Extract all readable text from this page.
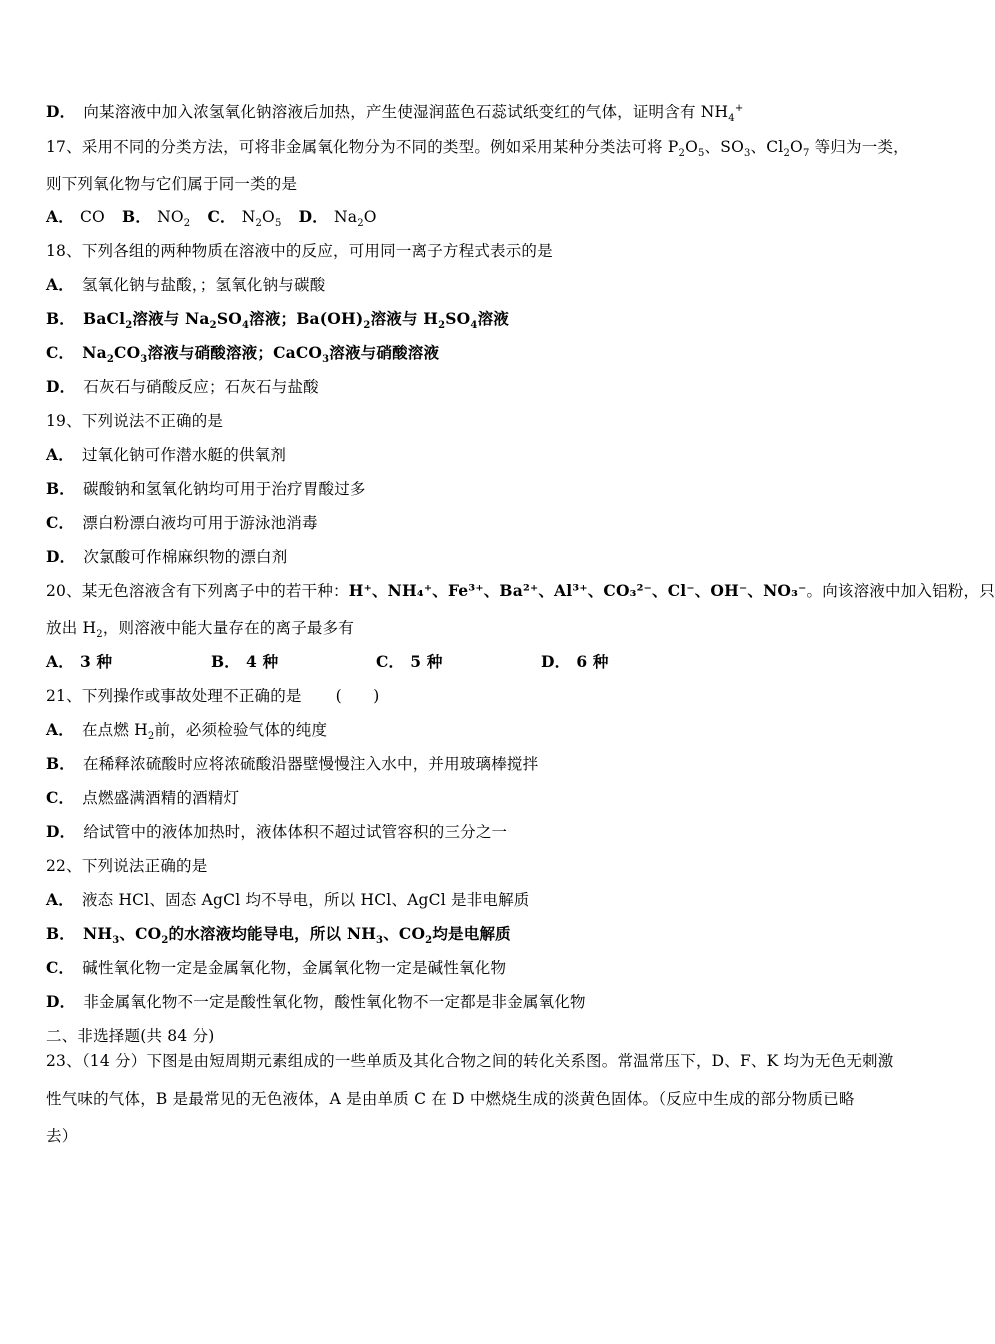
D． 向某溶液中加入浓氢氧化钠溶液后加热，产生使湿润蓝色石蕊试纸变红的气体，证明含有 $NH_4^+$
17、采用不同的分类方法，可将非金属氧化物分为不同的类型。例如采用某种分类法可将 $P_2O_5$、$SO_3$、$Cl_2O_7$ 等归为一类，
则下列氧化物与它们属于同一类的是
A． CO B． $NO_2$ C． $N_2O_5$ D． $Na_2O$
18、下列各组的两种物质在溶液中的反应，可用同一离子方程式表示的是
A． 氢氧化钠与盐酸，；氢氧化钠与碳酸
B． BaCl$_2$溶液与 $Na_2SO_4$溶液；$Ba(OH)_2$溶液与 $H_2SO_4$溶液
C． $Na_2CO_3$溶液与硝酸溶液；CaCO$_3$溶液与硝酸溶液
D． 石灰石与硝酸反应；石灰石与盐酸
19、下列说法不正确的是
A． 过氧化钠可作潜水艇的供氧剂
B． 碳酸钠和氢氧化钠均可用于治疗胃酸过多
C． 漂白粉漂白液均可用于游泳池消毒
D． 次氯酸可作棉麻织物的漂白剂
20、某无色溶液含有下列离子中的若干种：H⁺、NH₄⁺、Fe³⁺、Ba²⁺、Al³⁺、CO₃²⁻、Cl⁻、OH⁻、NO₃⁻。向该溶液中加入铝粉，只
放出 $H_2$，则溶液中能大量存在的离子最多有
A． 3 种	B． 4 种	C． 5 种	D． 6 种
21、下列操作或事故处理不正确的是 (　　)
A． 在点燃 $H_2$前，必须检验气体的纯度
B． 在稀释浓硫酸时应将浓硫酸沿器壁慢慢注入水中，并用玻璃棒搅拌
C． 点燃盛满酒精的酒精灯
D． 给试管中的液体加热时，液体体积不超过试管容积的三分之一
22、下列说法正确的是
A． 液态 HCl、固态 AgCl 均不导电，所以 HCl、AgCl 是非电解质
B． $NH_3$、$CO_2$的水溶液均能导电，所以 $NH_3$、$CO_2$均是电解质
C． 碱性氧化物一定是金属氧化物，金属氧化物一定是碱性氧化物
D． 非金属氧化物不一定是酸性氧化物，酸性氧化物不一定都是非金属氧化物
二、非选择题(共 84 分)
23、（14 分）下图是由短周期元素组成的一些单质及其化合物之间的转化关系图。常温常压下，D、F、K 均为无色无刺激
性气味的气体，B 是最常见的无色液体，A 是由单质 C 在 D 中燃烧生成的淡黄色固体。（反应中生成的部分物质已略
去）
